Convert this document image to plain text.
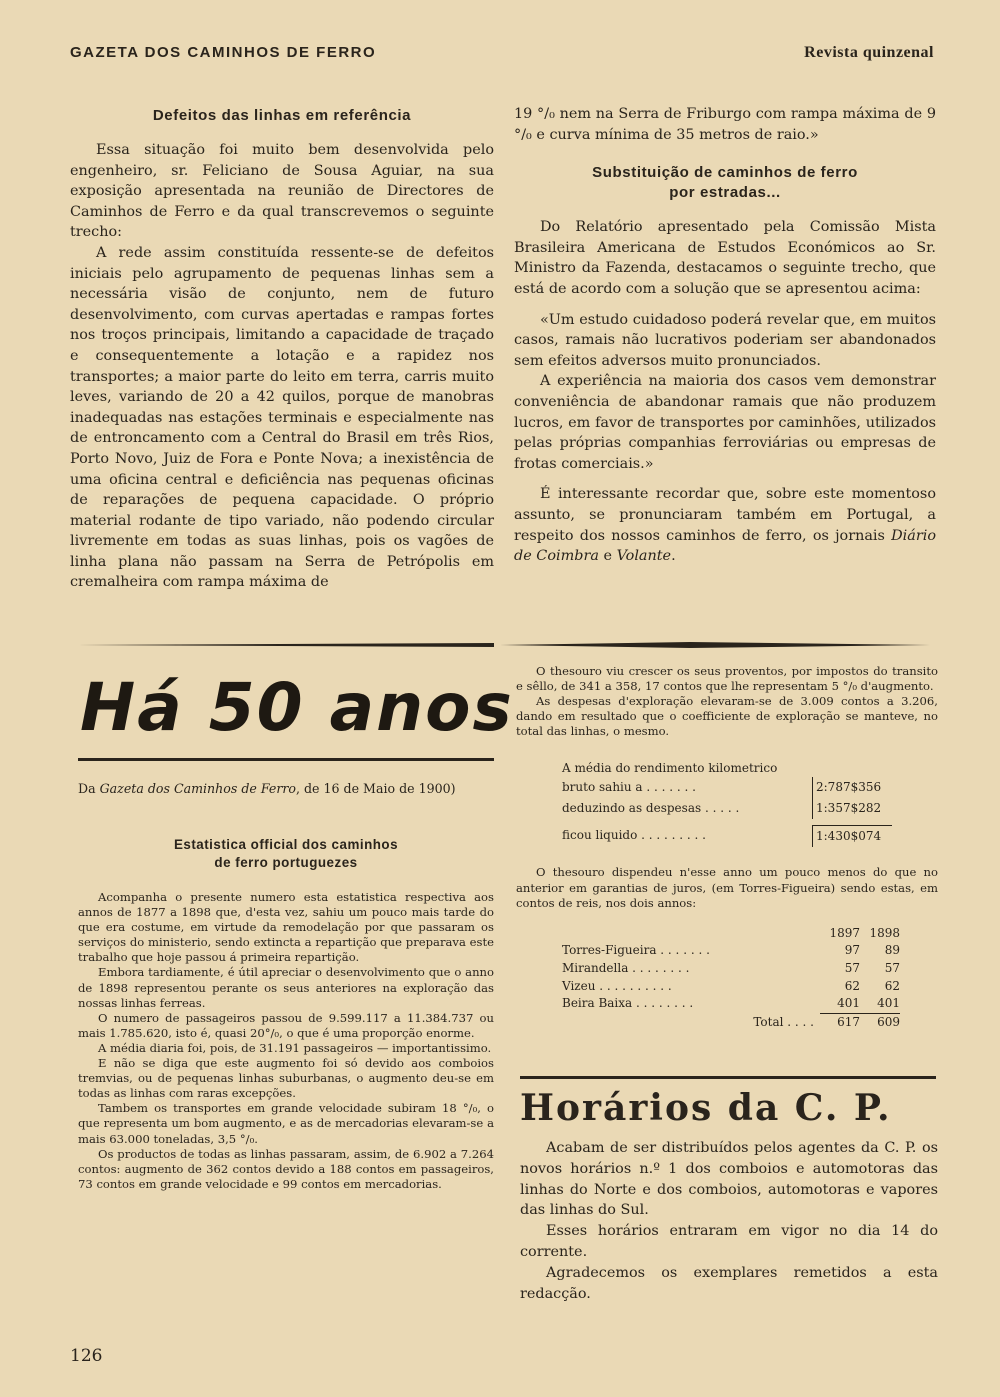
GAZETA DOS CAMINHOS DE FERRO	Revista quinzenal
Defeitos das linhas em referência

Essa situação foi muito bem desenvolvida pelo engenheiro, sr. Feliciano de Sousa Aguiar, na sua exposição apresentada na reunião de Directores de Caminhos de Ferro e da qual transcrevemos o seguinte trecho:

A rede assim constituída ressente-se de defeitos iniciais pelo agrupamento de pequenas linhas sem a necessária visão de conjunto, nem de futuro desenvolvimento, com curvas apertadas e rampas fortes nos troços principais, limitando a capacidade de traçado e consequentemente a lotação e a rapidez nos transportes; a maior parte do leito em terra, carris muito leves, variando de 20 a 42 quilos, porque de manobras inadequadas nas estações terminais e especialmente nas de entroncamento com a Central do Brasil em três Rios, Porto Novo, Juiz de Fora e Ponte Nova; a inexistência de uma oficina central e deficiência nas pequenas oficinas de reparações de pequena capacidade. O próprio material rodante de tipo variado, não podendo circular livremente em todas as suas linhas, pois os vagões de linha plana não passam na Serra de Petrópolis em cremalheira com rampa máxima de

19 °/₀ nem na Serra de Friburgo com rampa máxima de 9 °/₀ e curva mínima de 35 metros de raio.»

Substituição de caminhos de ferro
por estradas...

Do Relatório apresentado pela Comissão Mista Brasileira Americana de Estudos Económicos ao Sr. Ministro da Fazenda, destacamos o seguinte trecho, que está de acordo com a solução que se apresentou acima:

«Um estudo cuidadoso poderá revelar que, em muitos casos, ramais não lucrativos poderiam ser abandonados sem efeitos adversos muito pronunciados.

A experiência na maioria dos casos vem demonstrar conveniência de abandonar ramais que não produzem lucros, em favor de transportes por caminhões, utilizados pelas próprias companhias ferroviárias ou empresas de frotas comerciais.»

É interessante recordar que, sobre este momentoso assunto, se pronunciaram também em Portugal, a respeito dos nossos caminhos de ferro, os jornais Diário de Coimbra e Volante.

Há 50 anos
Da Gazeta dos Caminhos de Ferro, de 16 de Maio de 1900)
Estatistica official dos caminhos
de ferro portuguezes

Acompanha o presente numero esta estatistica respectiva aos annos de 1877 a 1898 que, d'esta vez, sahiu um pouco mais tarde do que era costume, em virtude da remodelação por que passaram os serviços do ministerio, sendo extincta a repartição que preparava este trabalho que hoje passou á primeira repartição.

Embora tardiamente, é útil apreciar o desenvolvimento que o anno de 1898 representou perante os seus anteriores na exploração das nossas linhas ferreas.

O numero de passageiros passou de 9.599.117 a 11.384.737 ou mais 1.785.620, isto é, quasi 20°/₀, o que é uma proporção enorme.

A média diaria foi, pois, de 31.191 passageiros — importantissimo.

E não se diga que este augmento foi só devido aos comboios tremvias, ou de pequenas linhas suburbanas, o augmento deu-se em todas as linhas com raras excepções.

Tambem os transportes em grande velocidade subiram 18 °/₀, o que representa um bom augmento, e as de mercadorias elevaram-se a mais 63.000 toneladas, 3,5 °/₀.

Os productos de todas as linhas passaram, assim, de 6.902 a 7.264 contos: augmento de 362 contos devido a 188 contos em passageiros, 73 contos em grande velocidade e 99 contos em mercadorias.

O thesouro viu crescer os seus proventos, por impostos do transito e sêllo, de 341 a 358, 17 contos que lhe representam 5 °/₀ d'augmento.

As despesas d'exploração elevaram-se de 3.009 contos a 3.206, dando em resultado que o coefficiente de exploração se manteve, no total das linhas, o mesmo.

A média do rendimento kilometrico
bruto sahiu a . . . . . . .	2:787$356
deduzindo as despesas . . . . .	1:357$282
ficou liquido . . . . . . . . .	1:430$074

O thesouro dispendeu n'esse anno um pouco menos do que no anterior em garantias de juros, (em Torres-Figueira) sendo estas, em contos de reis, nos dois annos:

1897 1898
Torres-Figueira . . . . . . .	97	89
Mirandella . . . . . . . .	57	57
Vizeu . . . . . . . . . .	62	62
Beira Baixa . . . . . . . .	401	401
Total . . . .	617	609
Horários da C. P.

Acabam de ser distribuídos pelos agentes da C. P. os novos horários n.º 1 dos comboios e automotoras das linhas do Norte e dos comboios, automotoras e vapores das linhas do Sul.

Esses horários entraram em vigor no dia 14 do corrente.

Agradecemos os exemplares remetidos a esta redacção.

126
